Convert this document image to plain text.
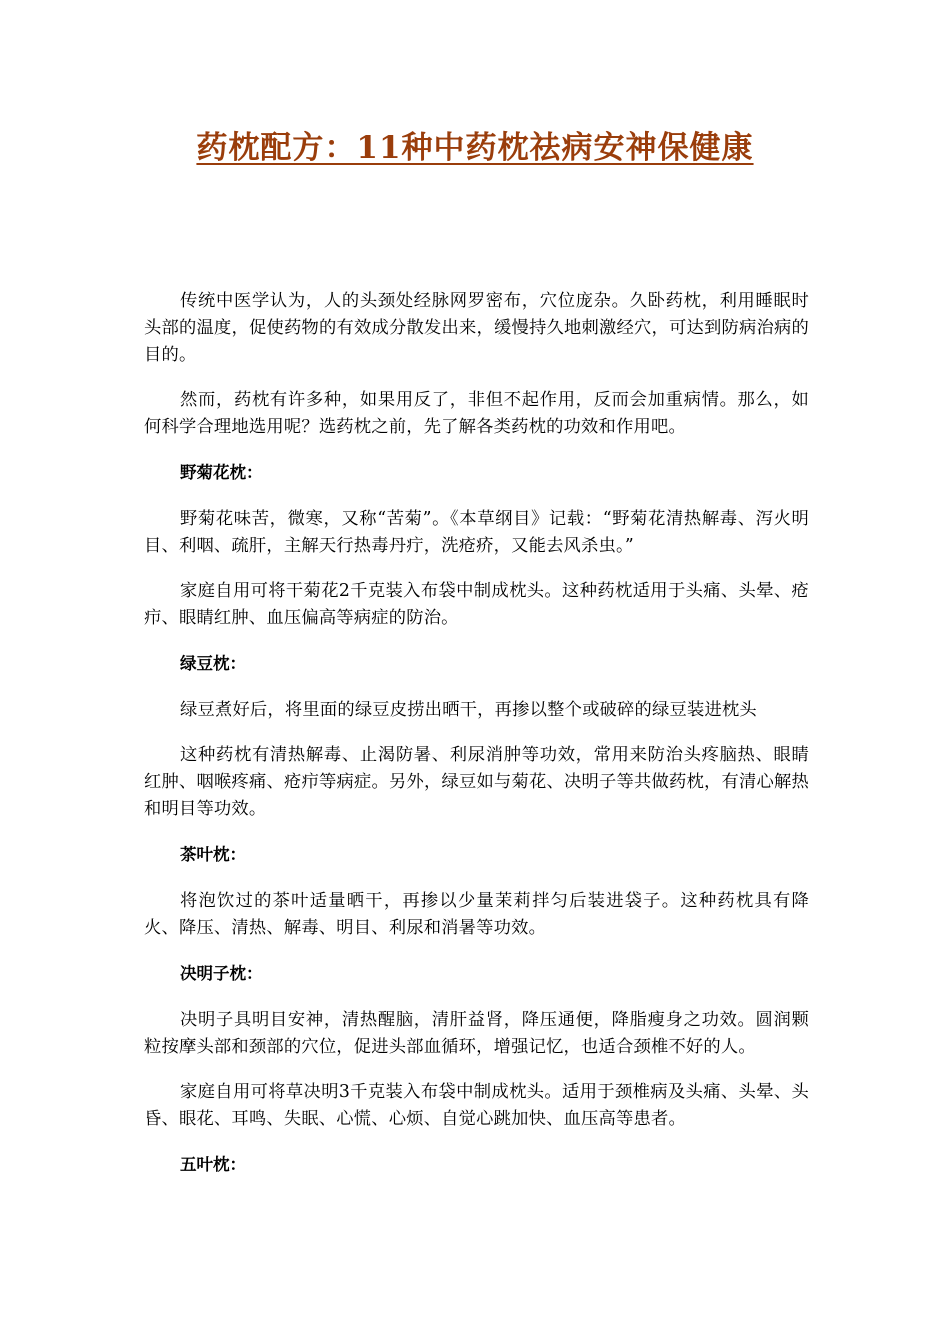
药枕配方：11种中药枕祛病安神保健康

传统中医学认为，人的头颈处经脉网罗密布，穴位庞杂。久卧药枕，利用睡眠时头部的温度，促使药物的有效成分散发出来，缓慢持久地刺激经穴，可达到防病治病的目的。

然而，药枕有许多种，如果用反了，非但不起作用，反而会加重病情。那么，如何科学合理地选用呢？选药枕之前，先了解各类药枕的功效和作用吧。

野菊花枕：

野菊花味苦，微寒，又称“苦菊”。《本草纲目》记载：“野菊花清热解毒、泻火明目、利咽、疏肝，主解天行热毒丹疔，洗疮疥，又能去风杀虫。”

家庭自用可将干菊花2千克装入布袋中制成枕头。这种药枕适用于头痛、头晕、疮疖、眼睛红肿、血压偏高等病症的防治。

绿豆枕：

绿豆煮好后，将里面的绿豆皮捞出晒干，再掺以整个或破碎的绿豆装进枕头

这种药枕有清热解毒、止渴防暑、利尿消肿等功效，常用来防治头疼脑热、眼睛红肿、咽喉疼痛、疮疖等病症。另外，绿豆如与菊花、决明子等共做药枕，有清心解热和明目等功效。

茶叶枕：

将泡饮过的茶叶适量晒干，再掺以少量茉莉拌匀后装进袋子。这种药枕具有降火、降压、清热、解毒、明目、利尿和消暑等功效。

决明子枕：

决明子具明目安神，清热醒脑，清肝益肾，降压通便，降脂瘦身之功效。圆润颗粒按摩头部和颈部的穴位，促进头部血循环，增强记忆，也适合颈椎不好的人。

家庭自用可将草决明3千克装入布袋中制成枕头。适用于颈椎病及头痛、头晕、头昏、眼花、耳鸣、失眠、心慌、心烦、自觉心跳加快、血压高等患者。

五叶枕：
